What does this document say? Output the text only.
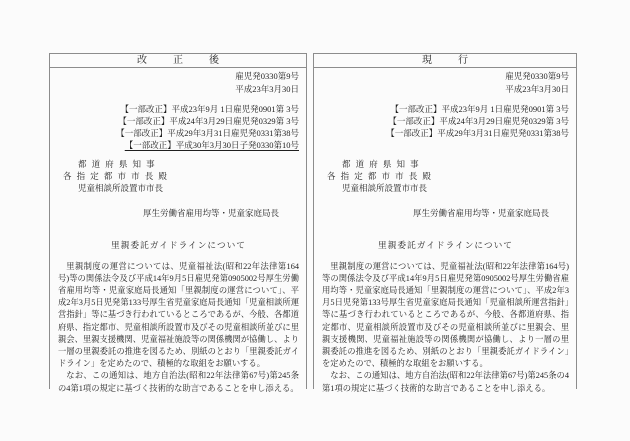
改　正　後
雇児発0330第9号
平成23年3月30日
【一部改正】平成23年9月 1日雇児発0901第 3号
【一部改正】平成24年3月29日雇児発0329第 3号
【一部改正】平成29年3月31日雇児発0331第38号
【一部改正】平成30年3月30日子発0330第10号
都 道 府 県 知 事
各 指 定 都 市 市 長 殿
児童相談所設置市市長
厚生労働省雇用均等・児童家庭局長
里親委託ガイドラインについて

里親制度の運営については、児童福祉法(昭和22年法律第164号)等の関係法令及び平成14年9月5日雇児発第0905002号厚生労働省雇用均等・児童家庭局長通知「里親制度の運営について」、平成2年3月5日児発第133号厚生省児童家庭局長通知「児童相談所運営指針」等に基づき行われているところであるが、今般、各都道府県、指定都市、児童相談所設置市及びその児童相談所並びに里親会、里親支援機関、児童福祉施設等の関係機関が協働し、より一層の里親委託の推進を図るため、別紙のとおり「里親委託ガイドライン」を定めたので、積極的な取組をお願いする。

なお、この通知は、地方自治法(昭和22年法律第67号)第245条の4第1項の規定に基づく技術的な助言であることを申し添える。

現　行
雇児発0330第9号
平成23年3月30日
【一部改正】平成23年9月 1日雇児発0901第 3号
【一部改正】平成24年3月29日雇児発0329第 3号
【一部改正】平成29年3月31日雇児発0331第38号
都 道 府 県 知 事
各 指 定 都 市 市 長 殿
児童相談所設置市市長
厚生労働省雇用均等・児童家庭局長
里親委託ガイドラインについて

里親制度の運営については、児童福祉法(昭和22年法律第164号)等の関係法令及び平成14年9月5日雇児発第0905002号厚生労働省雇用均等・児童家庭局長通知「里親制度の運営について」、平成2年3月5日児発第133号厚生省児童家庭局長通知「児童相談所運営指針」等に基づき行われているところであるが、今般、各都道府県、指定都市、児童相談所設置市及びその児童相談所並びに里親会、里親支援機関、児童福祉施設等の関係機関が協働し、より一層の里親委託の推進を図るため、別紙のとおり「里親委託ガイドライン」を定めたので、積極的な取組をお願いする。

なお、この通知は、地方自治法(昭和22年法律第67号)第245条の4第1項の規定に基づく技術的な助言であることを申し添える。
